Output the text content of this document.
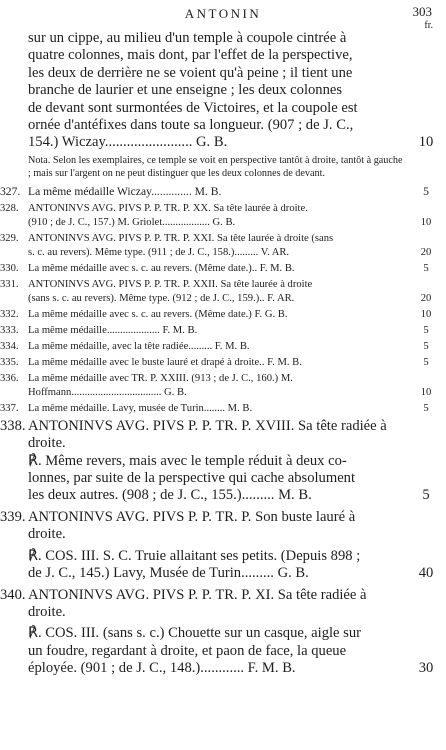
ANTONIN	303
fr.
sur un cippe, au milieu d'un temple à coupole cintrée à
quatre colonnes, mais dont, par l'effet de la perspective,
les deux de derrière ne se voient qu'à peine ; il tient une
branche de laurier et une enseigne ; les deux colonnes
de devant sont surmontées de Victoires, et la coupole est
ornée d'antéfixes dans toute sa longueur. (907 ; de J. C.,
154.) Wiczay........................ G. B.	10
Nota. Selon les exemplaires, ce temple se voit en perspective tantôt à droite, tantôt à gauche ; mais sur l'argent on ne peut distinguer que les deux colonnes de devant.
327. La même médaille Wiczay.............. M. B.	5
328. ANTONINVS AVG. PIVS P. P. TR. P. XX. Sa tête laurée à droite.
(910 ; de J. C., 157.) M. Griolet.................. G. B.	10
329. ANTONINVS AVG. PIVS P. P. TR. P. XXI. Sa tête laurée à droite (sans
s. c. au revers). Même type. (911 ; de J. C., 158.)......... V. AR.	20
330. La même médaille avec s. c. au revers. (Même date.).. F. M. B.	5
331. ANTONINVS AVG. PIVS P. P. TR. P. XXII. Sa tête laurée à droite
(sans s. c. au revers). Même type. (912 ; de J. C., 159.).. F. AR.	20
332. La même médaille avec s. c. au revers. (Même date.) F. G. B.	10
333. La même médaille.................... F. M. B.	5
334. La même médaille, avec la tête radiée......... F. M. B.	5
335. La même médaille avec le buste lauré et drapé à droite.. F. M. B.	5
336. La même médaille avec TR. P. XXIII. (913 ; de J. C., 160.) M.
Hoffmann.................................. G. B.	10
337. La même médaille. Lavy, musée de Turin........ M. B.	5
338. ANTONINVS AVG. PIVS P. P. TR. P. XVIII. Sa tête radiée à
droite.
℟. Même revers, mais avec le temple réduit à deux co-
lonnes, par suite de la perspective qui cache absolument
les deux autres. (908 ; de J. C., 155.)......... M. B.	5
339. ANTONINVS AVG. PIVS P. P. TR. P. Son buste lauré à
droite.
℟. COS. III. S. C. Truie allaitant ses petits. (Depuis 898 ;
de J. C., 145.) Lavy, Musée de Turin......... G. B.	40
340. ANTONINVS AVG. PIVS P. P. TR. P. XI. Sa tête radiée à
droite.
℟. COS. III. (sans s. c.) Chouette sur un casque, aigle sur
un foudre, regardant à droite, et paon de face, la queue
éployée. (901 ; de J. C., 148.)............ F. M. B.	30
